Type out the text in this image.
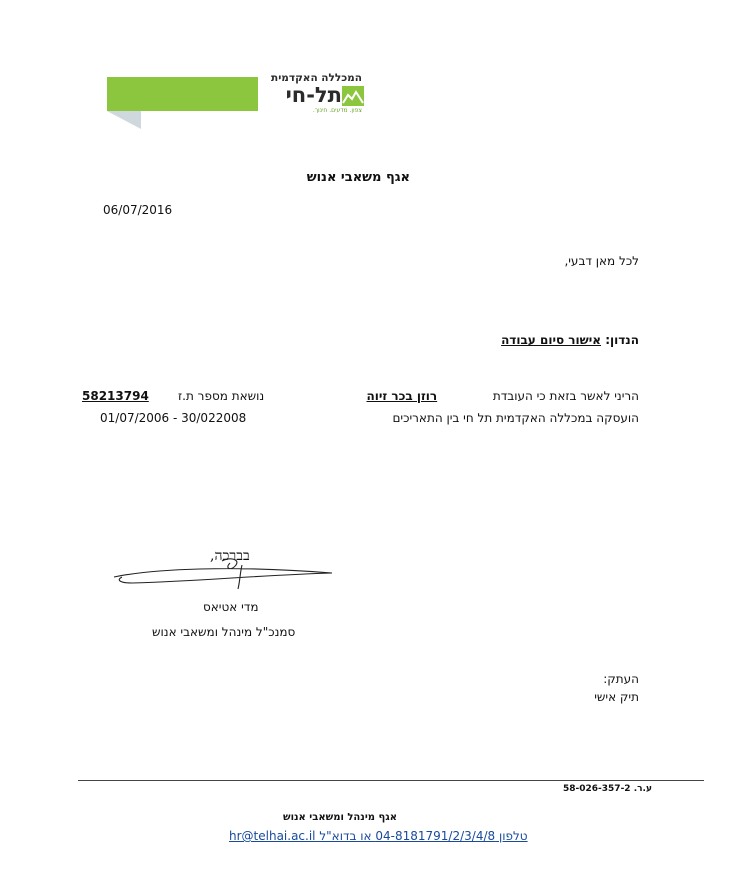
המכללה האקדמית
תל-חי
צפון. מדעים. חינוך.
אגף משאבי אנוש
06/07/2016
לכל מאן דבעי,
הנדון: אישור סיום עבודה
הריני לאשר בזאת כי העובדת  רוזן בכר זיוה
נושאת מספר ת.ז
58213794
הועסקה במכללה האקדמית תל חי בין התאריכים
01/07/2006 - 30/022008
בברכה,
מדי אטיאס
סמנכ"ל מינהל ומשאבי אנוש
העתק:
תיק אישי
ע.ר. 58-026-357-2
אגף מינהל ומשאבי אנוש
טלפון 04-8181791/2/3/4/8 או בדוא"ל hr@telhai.ac.il
